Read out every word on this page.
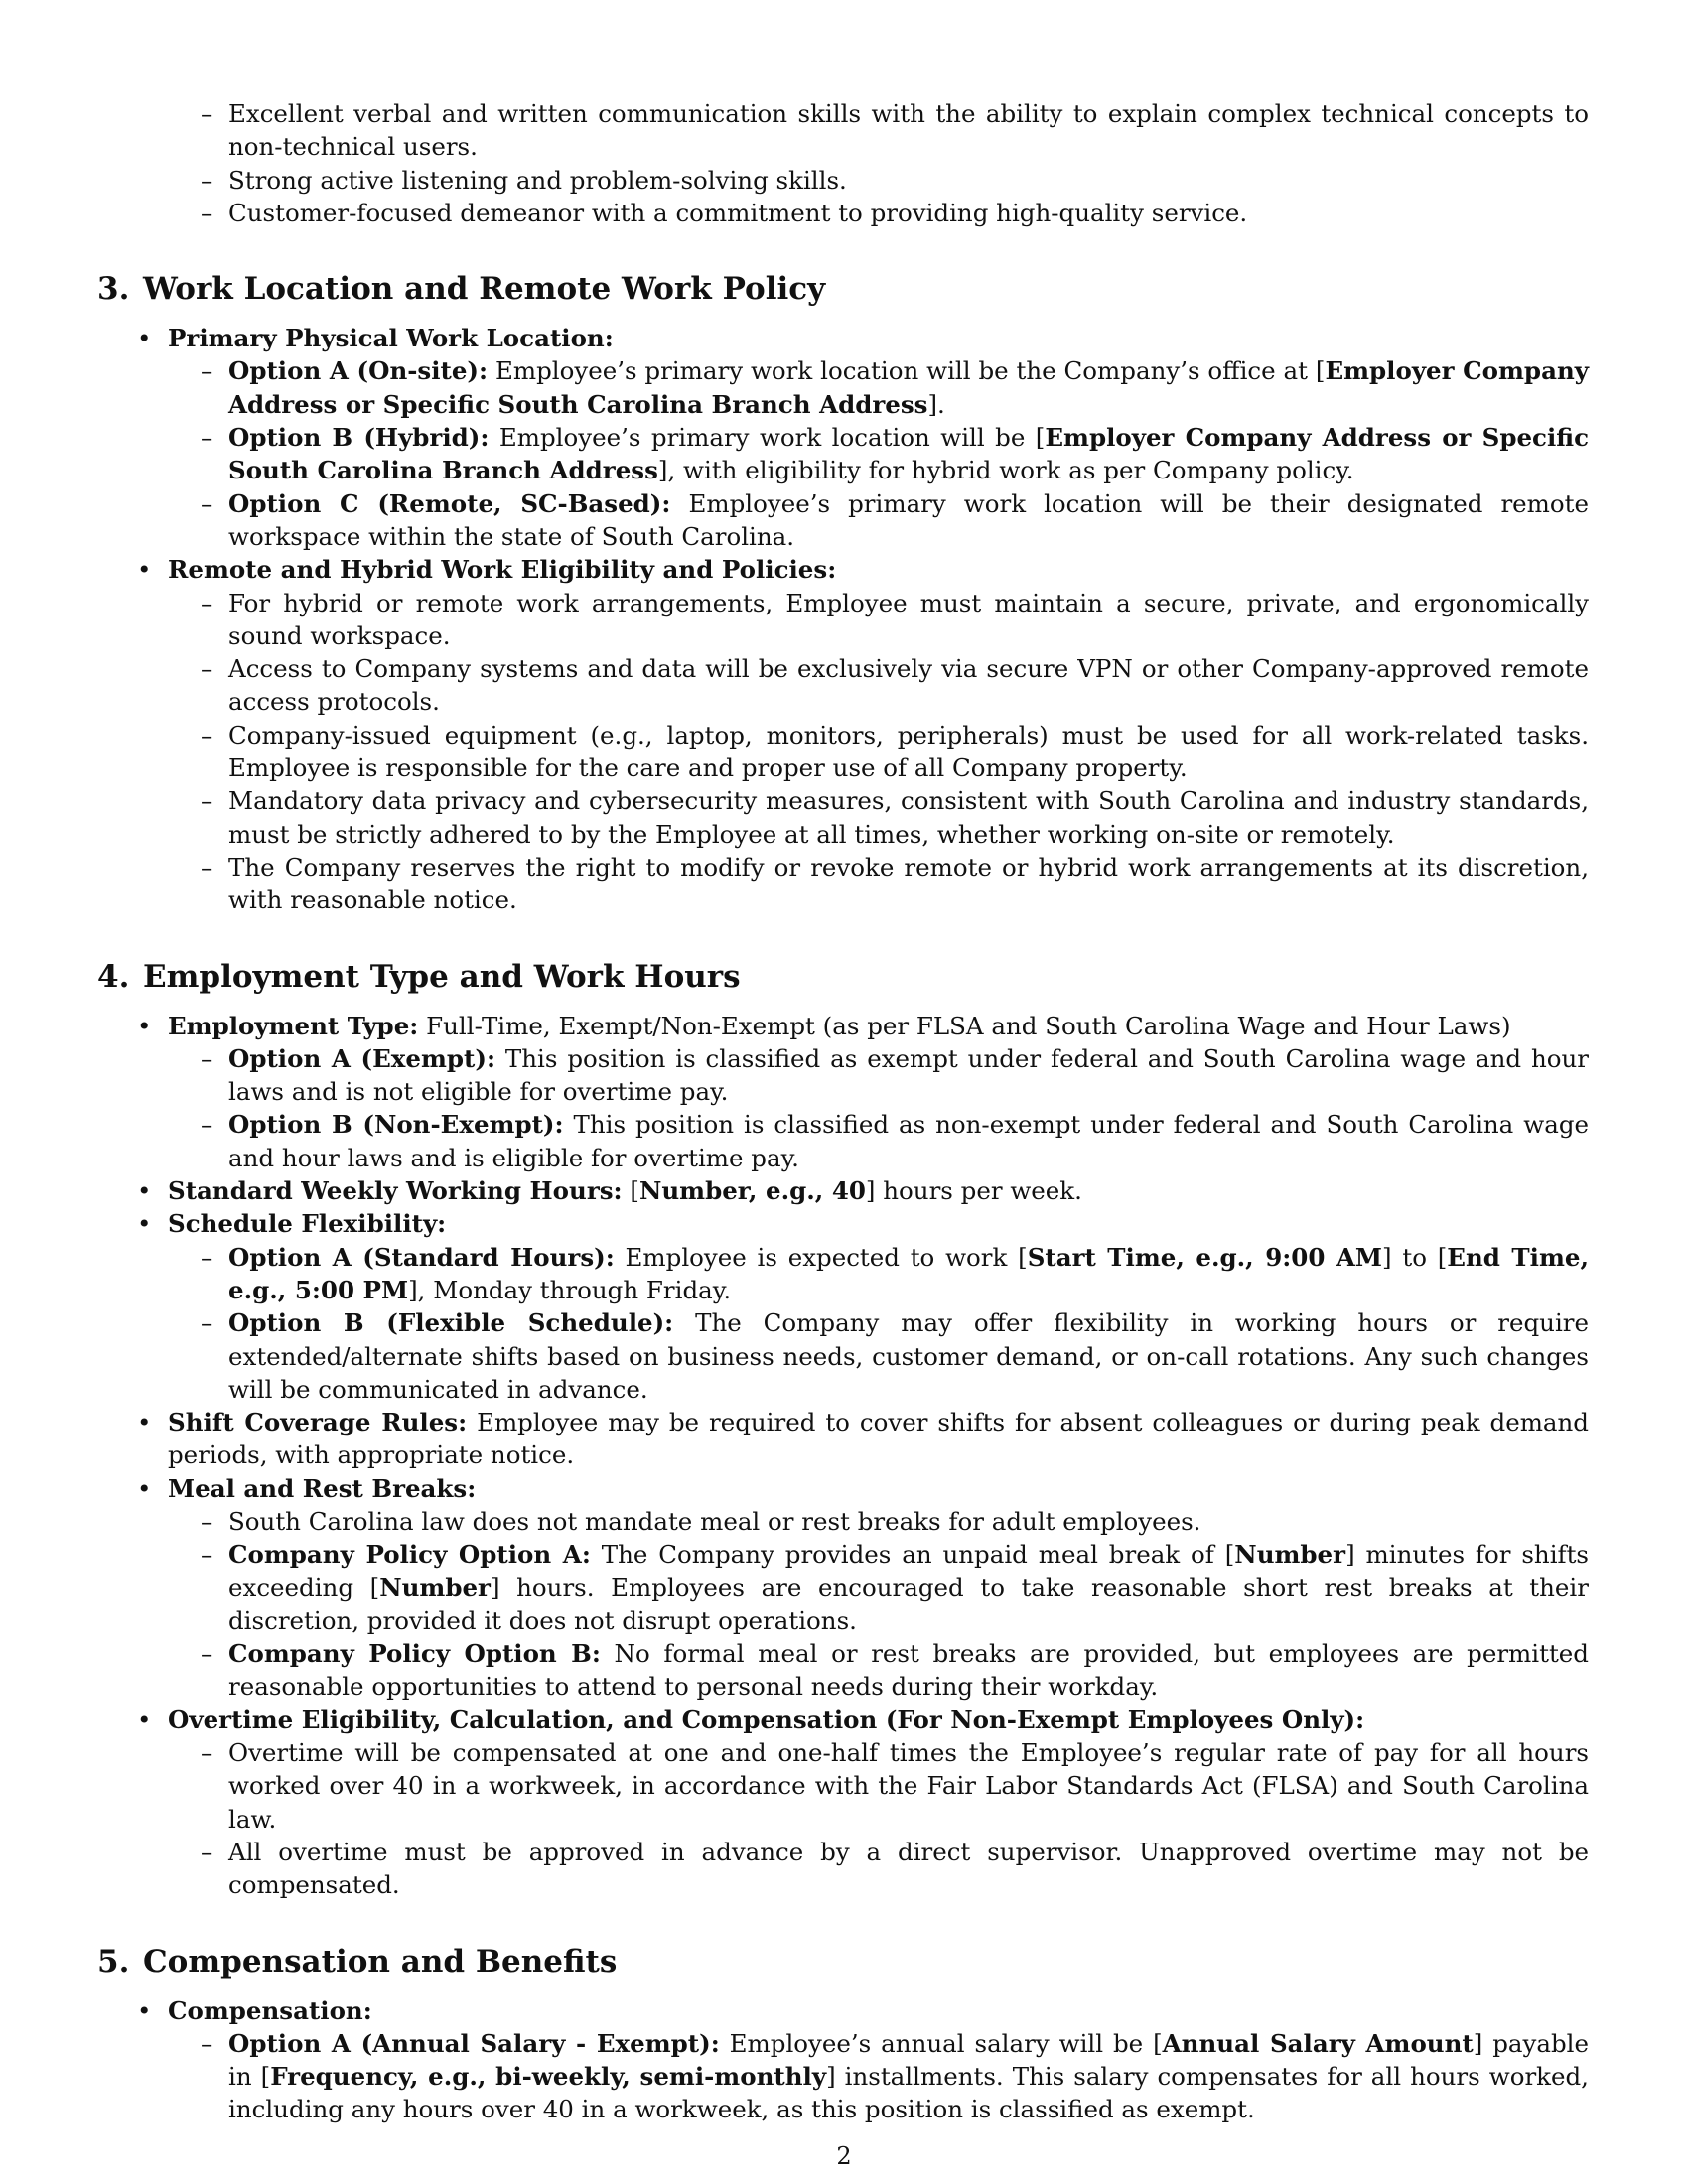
– Excellent verbal and written communication skills with the ability to explain complex technical concepts to non-technical users.
– Strong active listening and problem-solving skills.
– Customer-focused demeanor with a commitment to providing high-quality service.
3. Work Location and Remote Work Policy
• Primary Physical Work Location:
– Option A (On-site): Employee’s primary work location will be the Company’s office at [Employer Company Address or Specific South Carolina Branch Address].
– Option B (Hybrid): Employee’s primary work location will be [Employer Company Address or Specific South Carolina Branch Address], with eligibility for hybrid work as per Company policy.
– Option C (Remote, SC-Based): Employee’s primary work location will be their designated remote workspace within the state of South Carolina.
• Remote and Hybrid Work Eligibility and Policies:
– For hybrid or remote work arrangements, Employee must maintain a secure, private, and ergonomically sound workspace.
– Access to Company systems and data will be exclusively via secure VPN or other Company-approved remote access protocols.
– Company-issued equipment (e.g., laptop, monitors, peripherals) must be used for all work-related tasks. Employee is responsible for the care and proper use of all Company property.
– Mandatory data privacy and cybersecurity measures, consistent with South Carolina and industry standards, must be strictly adhered to by the Employee at all times, whether working on-site or remotely.
– The Company reserves the right to modify or revoke remote or hybrid work arrangements at its discretion, with reasonable notice.
4. Employment Type and Work Hours
• Employment Type: Full-Time, Exempt/Non-Exempt (as per FLSA and South Carolina Wage and Hour Laws)
– Option A (Exempt): This position is classified as exempt under federal and South Carolina wage and hour laws and is not eligible for overtime pay.
– Option B (Non-Exempt): This position is classified as non-exempt under federal and South Carolina wage and hour laws and is eligible for overtime pay.
• Standard Weekly Working Hours: [Number, e.g., 40] hours per week.
• Schedule Flexibility:
– Option A (Standard Hours): Employee is expected to work [Start Time, e.g., 9:00 AM] to [End Time, e.g., 5:00 PM], Monday through Friday.
– Option B (Flexible Schedule): The Company may offer flexibility in working hours or require extended/alternate shifts based on business needs, customer demand, or on-call rotations. Any such changes will be communicated in advance.
• Shift Coverage Rules: Employee may be required to cover shifts for absent colleagues or during peak demand periods, with appropriate notice.
• Meal and Rest Breaks:
– South Carolina law does not mandate meal or rest breaks for adult employees.
– Company Policy Option A: The Company provides an unpaid meal break of [Number] minutes for shifts exceeding [Number] hours. Employees are encouraged to take reasonable short rest breaks at their discretion, provided it does not disrupt operations.
– Company Policy Option B: No formal meal or rest breaks are provided, but employees are permitted reasonable opportunities to attend to personal needs during their workday.
• Overtime Eligibility, Calculation, and Compensation (For Non-Exempt Employees Only):
– Overtime will be compensated at one and one-half times the Employee’s regular rate of pay for all hours worked over 40 in a workweek, in accordance with the Fair Labor Standards Act (FLSA) and South Carolina law.
– All overtime must be approved in advance by a direct supervisor. Unapproved overtime may not be compensated.
5. Compensation and Benefits
• Compensation:
– Option A (Annual Salary - Exempt): Employee’s annual salary will be [Annual Salary Amount] payable in [Frequency, e.g., bi-weekly, semi-monthly] installments. This salary compensates for all hours worked, including any hours over 40 in a workweek, as this position is classified as exempt.
2
